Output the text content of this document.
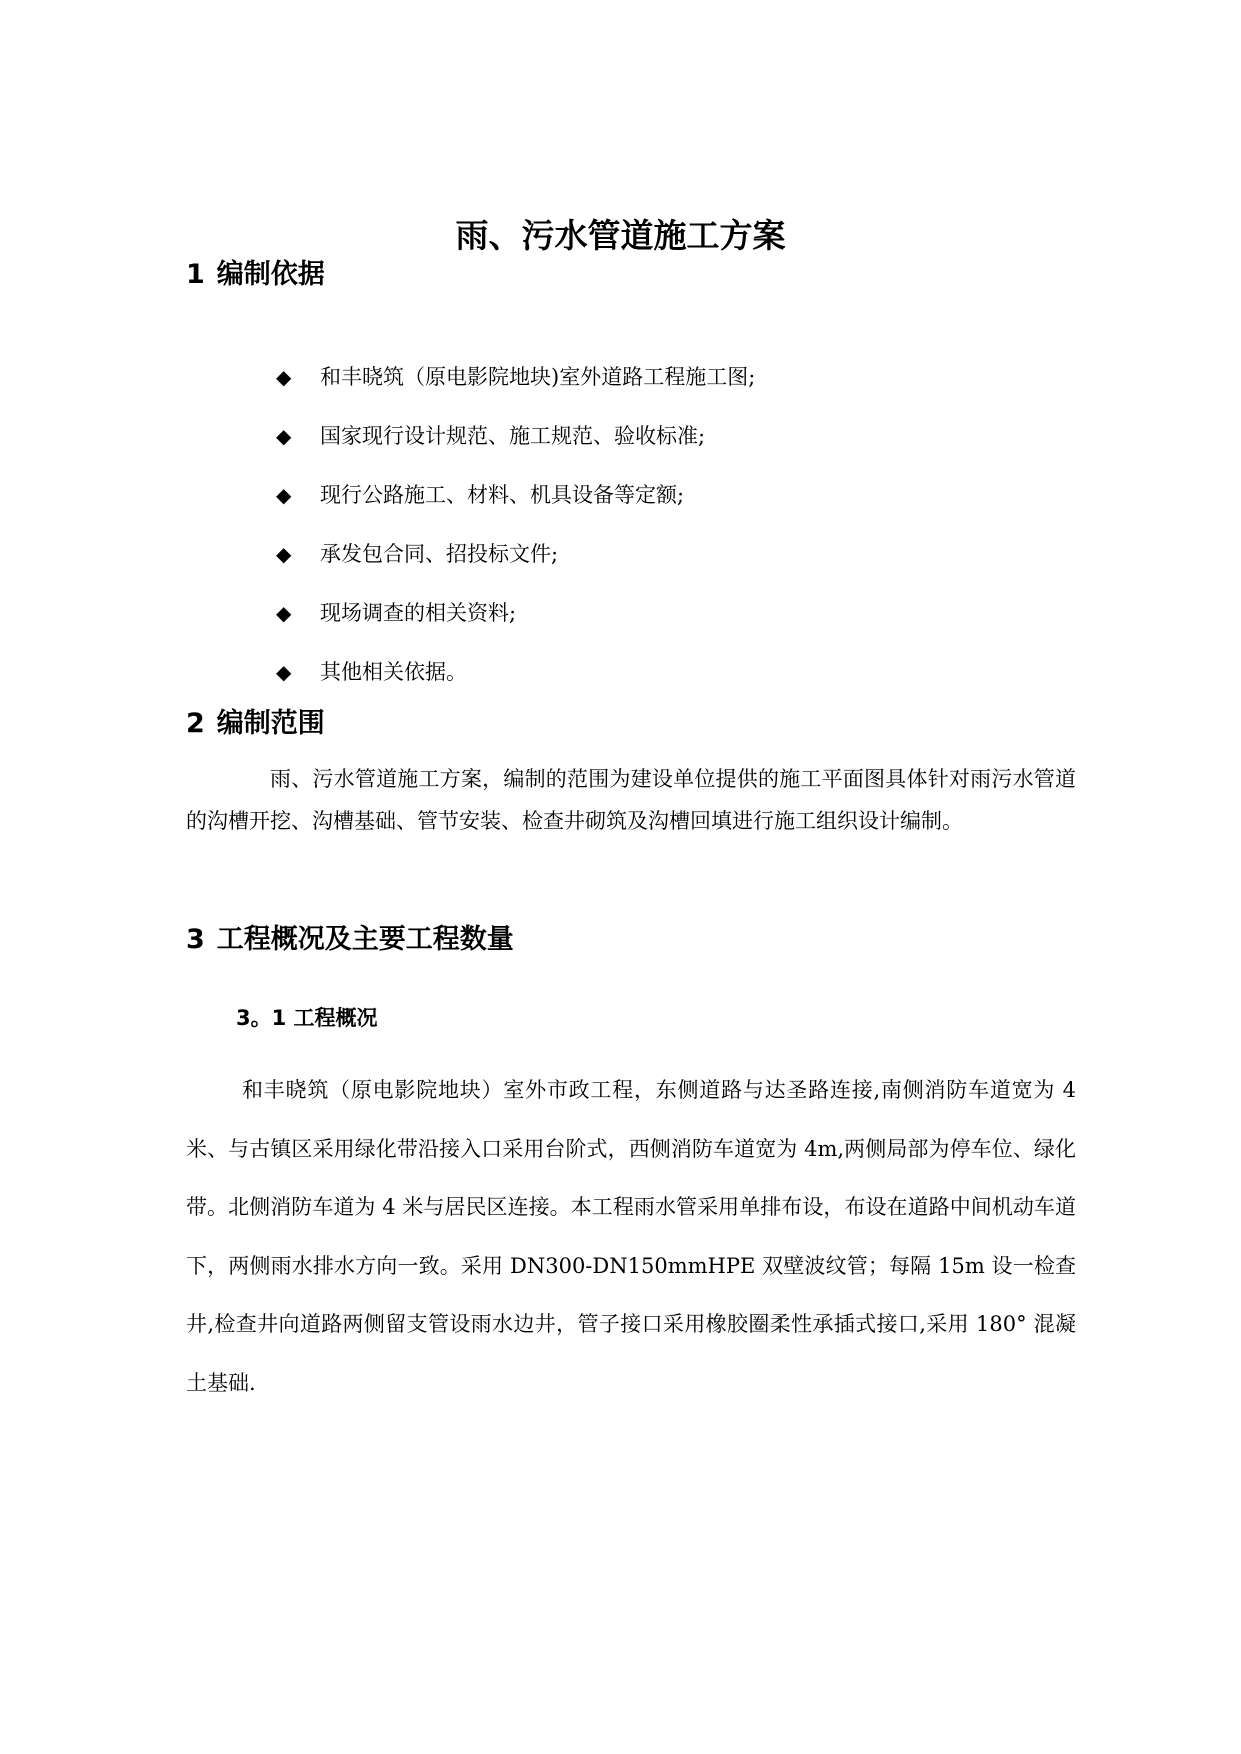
雨、污水管道施工方案
1 编制依据
◆ 和丰晓筑（原电影院地块)室外道路工程施工图;
◆ 国家现行设计规范、施工规范、验收标准;
◆ 现行公路施工、材料、机具设备等定额;
◆ 承发包合同、招投标文件;
◆ 现场调查的相关资料;
◆ 其他相关依据。
2 编制范围

雨、污水管道施工方案，编制的范围为建设单位提供的施工平面图具体针对雨污水管道的沟槽开挖、沟槽基础、管节安装、检查井砌筑及沟槽回填进行施工组织设计编制。

3 工程概况及主要工程数量
3。1 工程概况

和丰晓筑（原电影院地块）室外市政工程，东侧道路与达圣路连接,南侧消防车道宽为 4 米、与古镇区采用绿化带沿接入口采用台阶式，西侧消防车道宽为 4m,两侧局部为停车位、绿化带。北侧消防车道为 4 米与居民区连接。本工程雨水管采用单排布设，布设在道路中间机动车道下，两侧雨水排水方向一致。采用 DN300-DN150mmHPE 双壁波纹管；每隔 15m 设一检查井,检查井向道路两侧留支管设雨水边井，管子接口采用橡胶圈柔性承插式接口,采用 180° 混凝土基础.
